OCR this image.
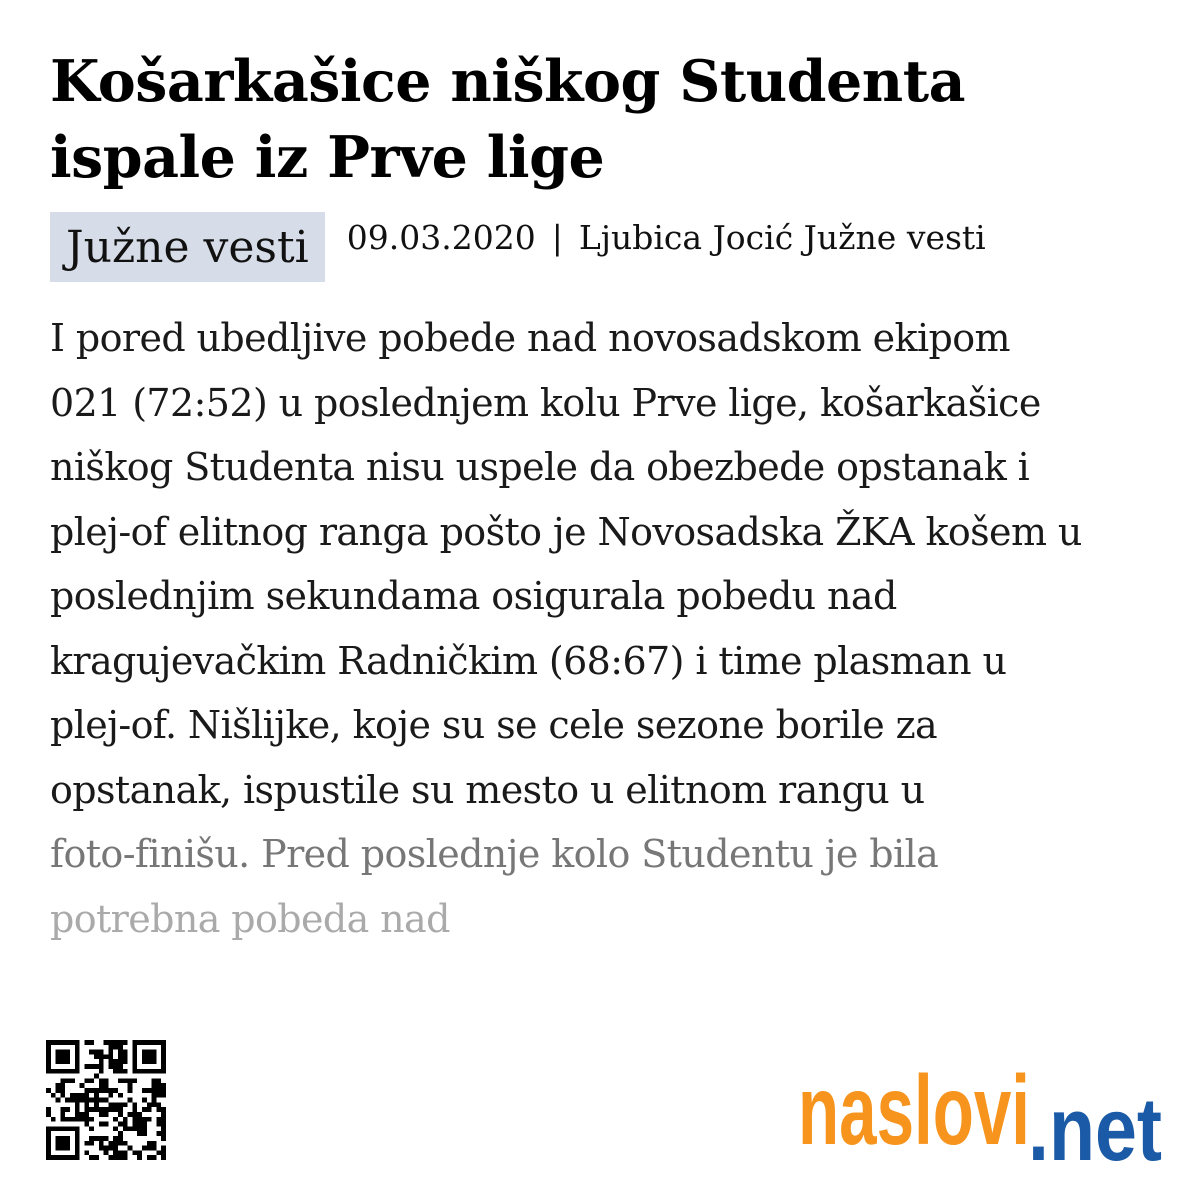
Košarkašice niškog Studenta ispale iz Prve lige
Južne vesti	09.03.2020 | Ljubica Jocić Južne vesti
I pored ubedljive pobede nad novosadskom ekipom
021 (72:52) u poslednjem kolu Prve lige, košarkašice
niškog Studenta nisu uspele da obezbede opstanak i
plej-of elitnog ranga pošto je Novosadska ŽKA košem u
poslednjim sekundama osigurala pobedu nad
kragujevačkim Radničkim (68:67) i time plasman u
plej-of. Nišlijke, koje su se cele sezone borile za
opstanak, ispustile su mesto u elitnom rangu u
foto-finišu. Pred poslednje kolo Studentu je bila
potrebna pobeda nad
naslovi
.net
